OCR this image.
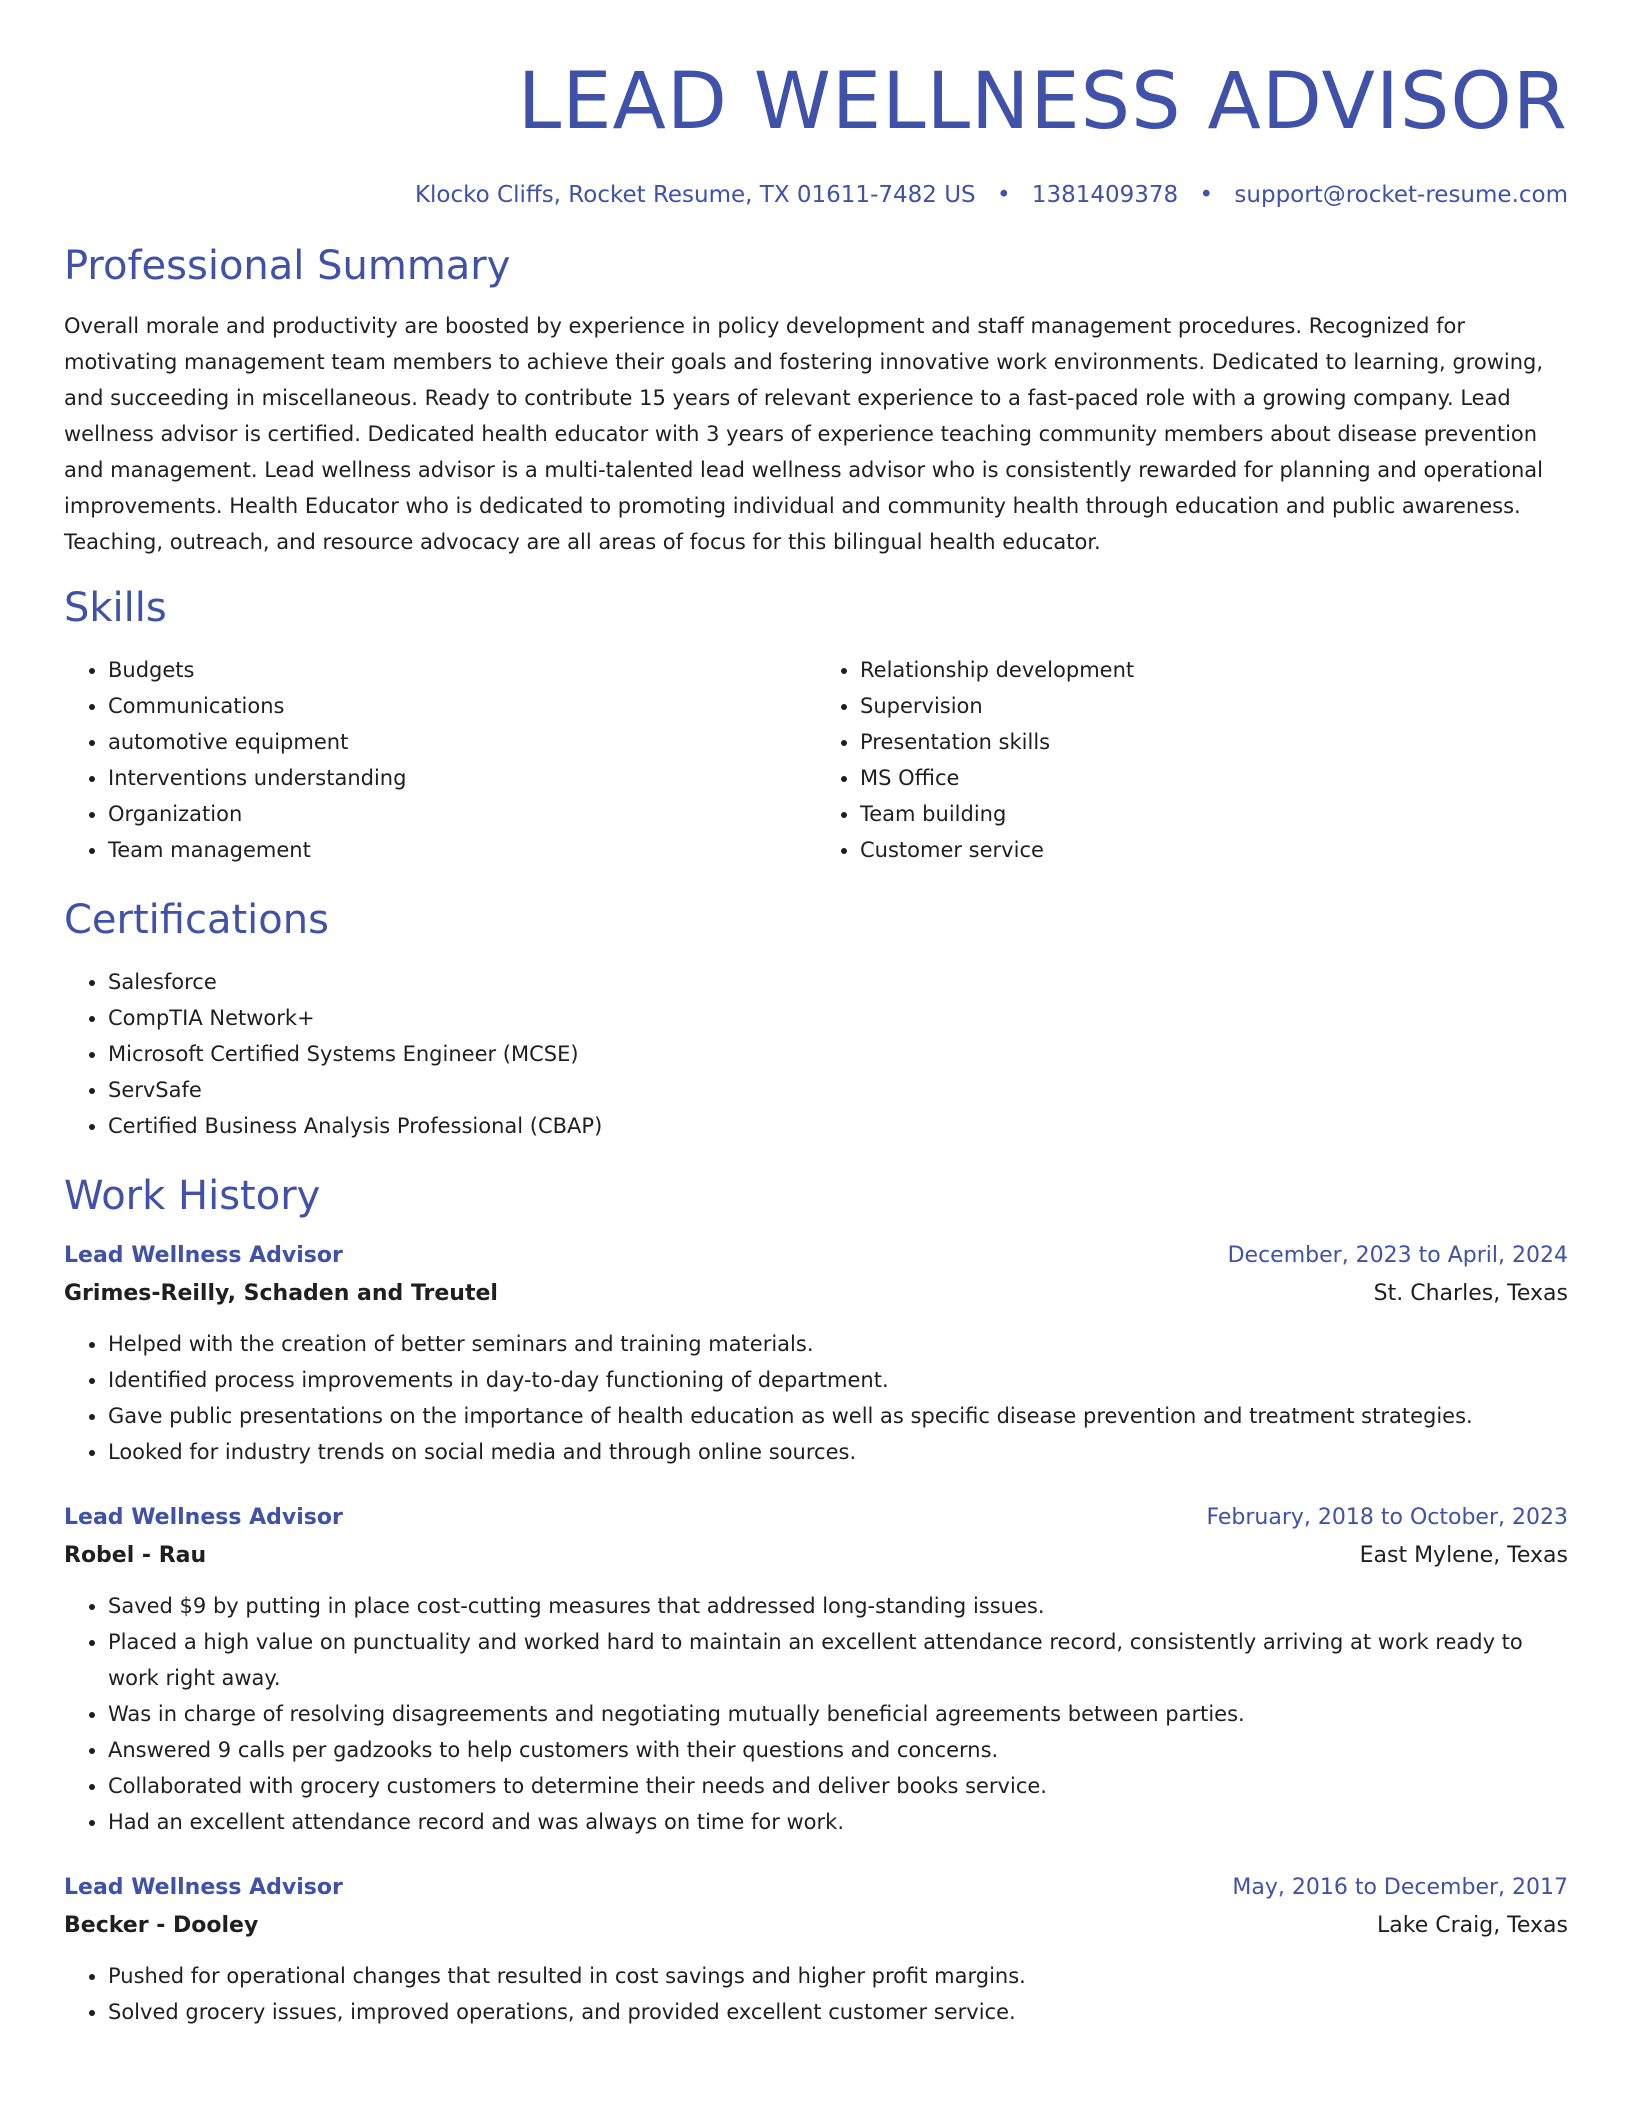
LEAD WELLNESS ADVISOR
Klocko Cliffs, Rocket Resume, TX 01611-7482 US • 1381409378 • support@rocket-resume.com
Professional Summary

Overall morale and productivity are boosted by experience in policy development and staff management procedures. Recognized for motivating management team members to achieve their goals and fostering innovative work environments. Dedicated to learning, growing, and succeeding in miscellaneous. Ready to contribute 15 years of relevant experience to a fast-paced role with a growing company. Lead wellness advisor is certified. Dedicated health educator with 3 years of experience teaching community members about disease prevention and management. Lead wellness advisor is a multi-talented lead wellness advisor who is consistently rewarded for planning and operational improvements. Health Educator who is dedicated to promoting individual and community health through education and public awareness. Teaching, outreach, and resource advocacy are all areas of focus for this bilingual health educator.

Skills
• Budgets
• Communications
• automotive equipment
• Interventions understanding
• Organization
• Team management
• Relationship development
• Supervision
• Presentation skills
• MS Office
• Team building
• Customer service
Certifications
• Salesforce
• CompTIA Network+
• Microsoft Certified Systems Engineer (MCSE)
• ServSafe
• Certified Business Analysis Professional (CBAP)
Work History
Lead Wellness Advisor	December, 2023 to April, 2024
Grimes-Reilly, Schaden and Treutel	St. Charles, Texas
• Helped with the creation of better seminars and training materials.
• Identified process improvements in day-to-day functioning of department.
• Gave public presentations on the importance of health education as well as specific disease prevention and treatment strategies.
• Looked for industry trends on social media and through online sources.
Lead Wellness Advisor	February, 2018 to October, 2023
Robel - Rau	East Mylene, Texas
• Saved $9 by putting in place cost-cutting measures that addressed long-standing issues.
• Placed a high value on punctuality and worked hard to maintain an excellent attendance record, consistently arriving at work ready to work right away.
• Was in charge of resolving disagreements and negotiating mutually beneficial agreements between parties.
• Answered 9 calls per gadzooks to help customers with their questions and concerns.
• Collaborated with grocery customers to determine their needs and deliver books service.
• Had an excellent attendance record and was always on time for work.
Lead Wellness Advisor	May, 2016 to December, 2017
Becker - Dooley	Lake Craig, Texas
• Pushed for operational changes that resulted in cost savings and higher profit margins.
• Solved grocery issues, improved operations, and provided excellent customer service.
